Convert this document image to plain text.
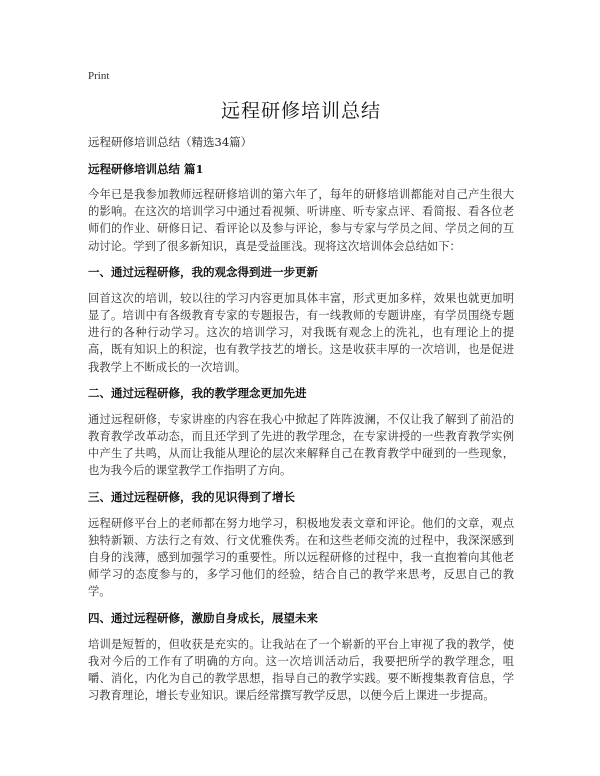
Print
远程研修培训总结

远程研修培训总结（精选34篇）

远程研修培训总结 篇1

今年已是我参加教师远程研修培训的第六年了，每年的研修培训都能对自己产生很大的影响。在这次的培训学习中通过看视频、听讲座、听专家点评、看简报、看各位老师们的作业、研修日记、看评论以及参与评论，参与专家与学员之间、学员之间的互动讨论。学到了很多新知识，真是受益匪浅。现将这次培训体会总结如下：

一、通过远程研修，我的观念得到进一步更新

回首这次的培训，较以往的学习内容更加具体丰富，形式更加多样，效果也就更加明显了。培训中有各级教育专家的专题报告，有一线教师的专题讲座，有学员围绕专题进行的各种行动学习。这次的培训学习，对我既有观念上的洗礼，也有理论上的提高，既有知识上的积淀，也有教学技艺的增长。这是收获丰厚的一次培训，也是促进我教学上不断成长的一次培训。

二、通过远程研修，我的教学理念更加先进

通过远程研修，专家讲座的内容在我心中掀起了阵阵波澜，不仅让我了解到了前沿的教育教学改革动态，而且还学到了先进的教学理念，在专家讲授的一些教育教学实例中产生了共鸣，从而让我能从理论的层次来解释自己在教育教学中碰到的一些现象，也为我今后的课堂教学工作指明了方向。

三、通过远程研修，我的见识得到了增长

远程研修平台上的老师都在努力地学习，积极地发表文章和评论。他们的文章，观点独特新颖、方法行之有效、行文优雅佚秀。在和这些老师交流的过程中，我深深感到自身的浅薄，感到加强学习的重要性。所以远程研修的过程中，我一直抱着向其他老师学习的态度参与的，多学习他们的经验，结合自己的教学来思考，反思自己的教学。

四、通过远程研修，激励自身成长，展望未来

培训是短暂的，但收获是充实的。让我站在了一个崭新的平台上审视了我的教学，使我对今后的工作有了明确的方向。这一次培训活动后，我要把所学的教学理念，咀嚼、消化，内化为自己的教学思想，指导自己的教学实践。要不断搜集教育信息，学习教育理论，增长专业知识。课后经常撰写教学反思，以便今后上课进一步提高。
